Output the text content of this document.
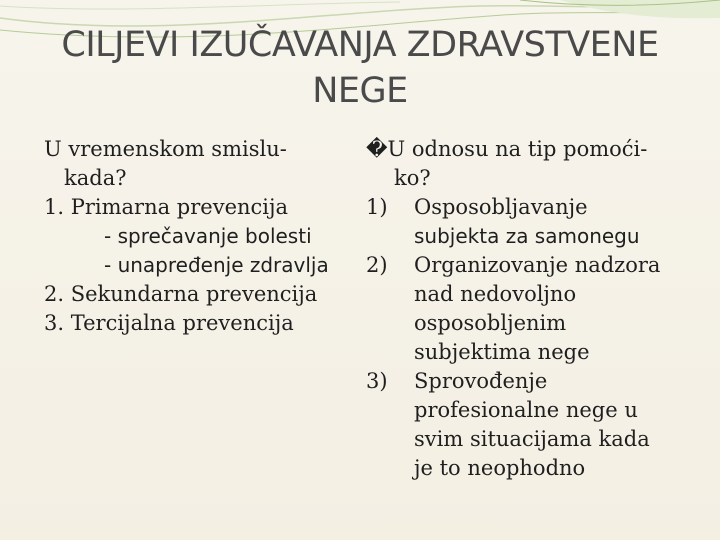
CILJEVI IZUČAVANJA ZDRAVSTVENE
NEGE
U vremenskom smislu-
kada?
1. Primarna prevencija
- sprečavanje bolesti
- unapređenje zdravlja
2. Sekundarna prevencija
3. Tercijalna prevencija
�U odnosu na tip pomoći-
ko?
1)	Osposobljavanje
subjekta za samonegu
2)	Organizovanje nadzora
nad nedovoljno
osposobljenim
subjektima nege
3)	Sprovođenje
profesionalne nege u
svim situacijama kada
je to neophodno
